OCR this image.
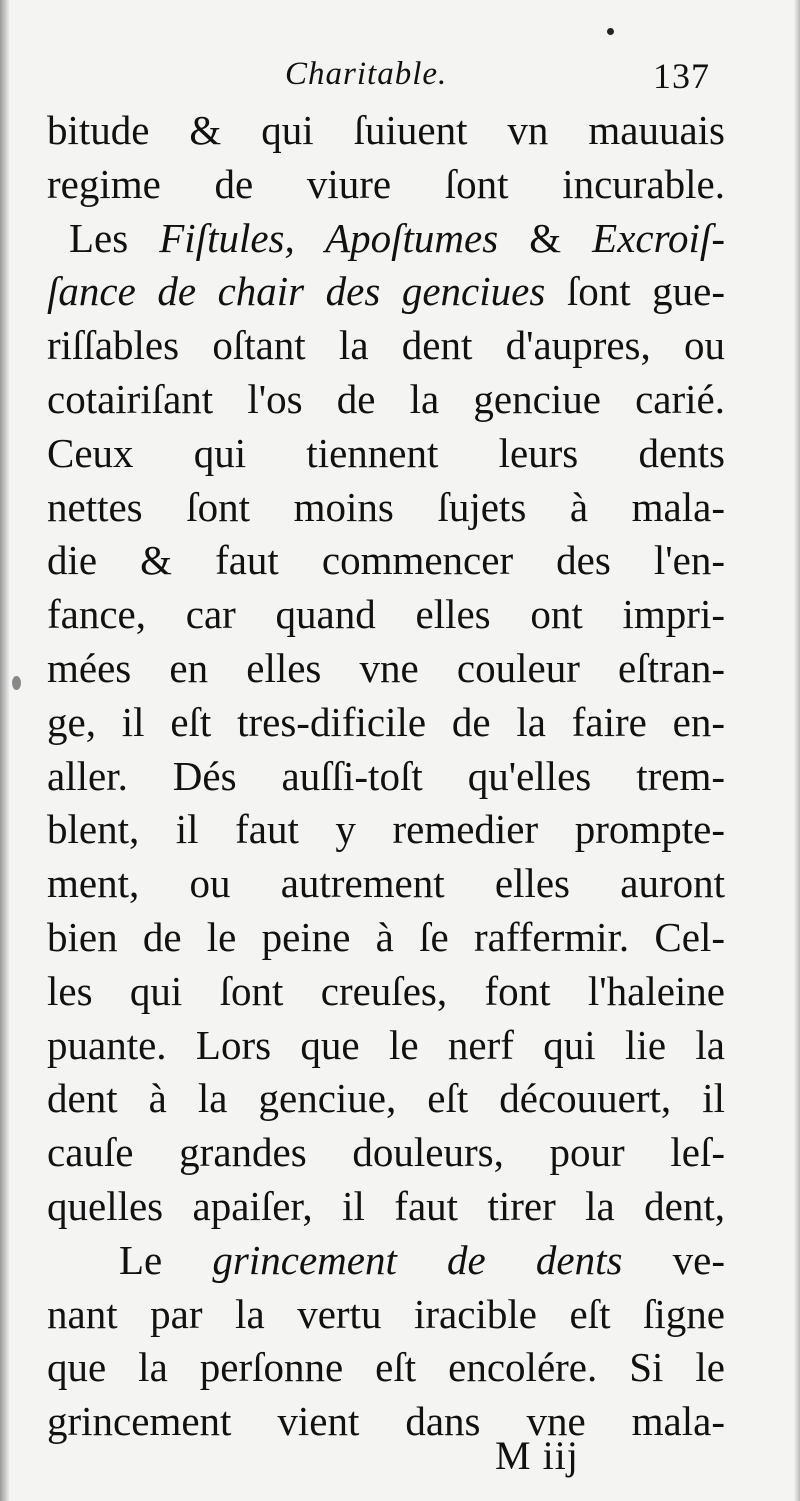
Charitable.	137
bitude & qui ſuiuent vn mauuais
regime de viure ſont incurable.
Les Fiſtules, Apoſtumes & Excroiſ-
ſance de chair des genciues ſont gue-
riſſables oſtant la dent d'aupres, ou
cotairiſant l'os de la genciue carié.
Ceux qui tiennent leurs dents
nettes ſont moins ſujets à mala-
die & faut commencer des l'en-
fance, car quand elles ont impri-
mées en elles vne couleur eſtran-
ge, il eſt tres-dificile de la faire en-
aller. Dés auſſi-toſt qu'elles trem-
blent, il faut y remedier prompte-
ment, ou autrement elles auront
bien de le peine à ſe raffermir. Cel-
les qui ſont creuſes, font l'haleine
puante. Lors que le nerf qui lie la
dent à la genciue, eſt découuert, il
cauſe grandes douleurs, pour leſ-
quelles apaiſer, il faut tirer la dent,
Le grincement de dents ve-
nant par la vertu iracible eſt ſigne
que la perſonne eſt encolére. Si le
grincement vient dans vne mala-
M iij
